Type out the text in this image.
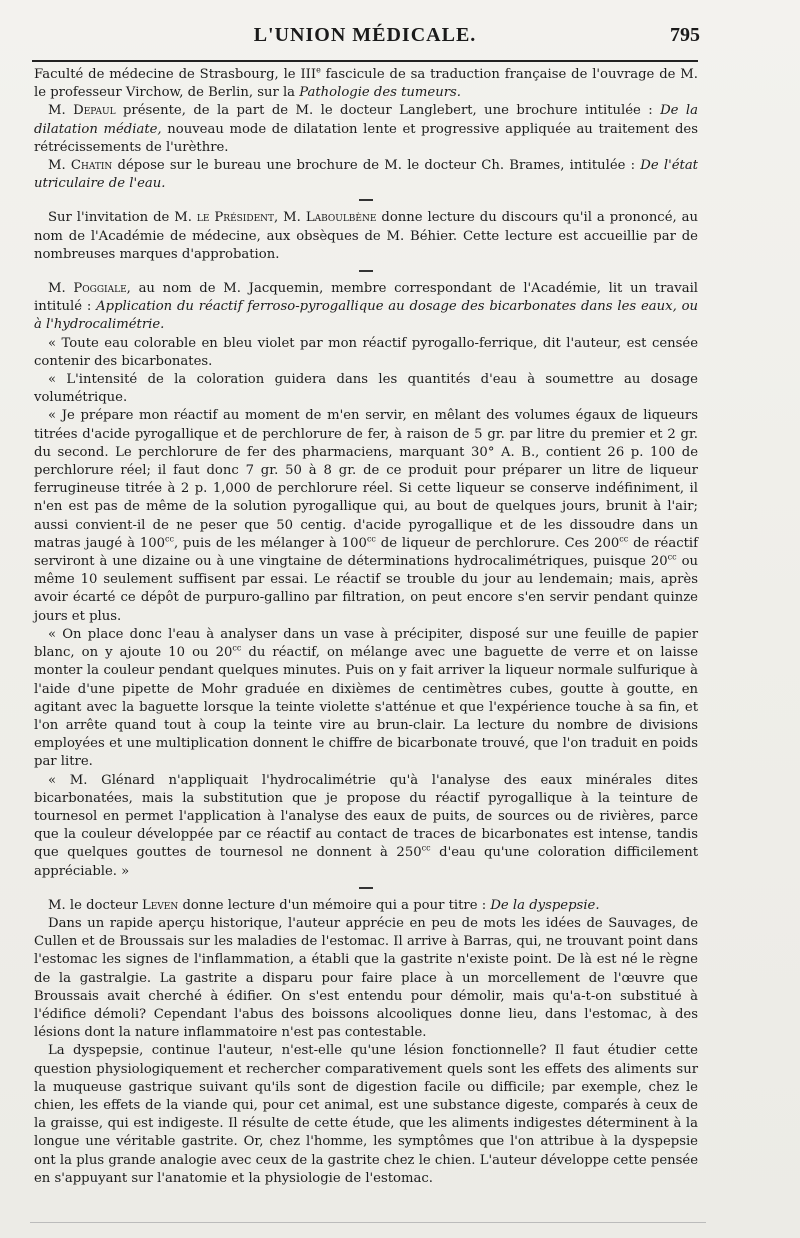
L'UNION MÉDICALE.	795

Faculté de médecine de Strasbourg, le IIIe fascicule de sa traduction française de l'ouvrage de M. le professeur Virchow, de Berlin, sur la Pathologie des tumeurs.

M. Depaul présente, de la part de M. le docteur Langlebert, une brochure intitulée : De la dilatation médiate, nouveau mode de dilatation lente et progressive appliquée au traitement des rétrécissements de l'urèthre.

M. Chatin dépose sur le bureau une brochure de M. le docteur Ch. Brames, intitulée : De l'état utriculaire de l'eau.

Sur l'invitation de M. le Président, M. Laboulbène donne lecture du discours qu'il a prononcé, au nom de l'Académie de médecine, aux obsèques de M. Béhier. Cette lecture est accueillie par de nombreuses marques d'approbation.

M. Poggiale, au nom de M. Jacquemin, membre correspondant de l'Académie, lit un travail intitulé : Application du réactif ferroso-pyrogallique au dosage des bicarbonates dans les eaux, ou à l'hydrocalimétrie.

« Toute eau colorable en bleu violet par mon réactif pyrogallo-ferrique, dit l'auteur, est censée contenir des bicarbonates.

« L'intensité de la coloration guidera dans les quantités d'eau à soumettre au dosage volumétrique.

« Je prépare mon réactif au moment de m'en servir, en mêlant des volumes égaux de liqueurs titrées d'acide pyrogallique et de perchlorure de fer, à raison de 5 gr. par litre du premier et 2 gr. du second. Le perchlorure de fer des pharmaciens, marquant 30° A. B., contient 26 p. 100 de perchlorure réel; il faut donc 7 gr. 50 à 8 gr. de ce produit pour préparer un litre de liqueur ferrugineuse titrée à 2 p. 1,000 de perchlorure réel. Si cette liqueur se conserve indéfiniment, il n'en est pas de même de la solution pyrogallique qui, au bout de quelques jours, brunit à l'air; aussi convient-il de ne peser que 50 centig. d'acide pyrogallique et de les dissoudre dans un matras jaugé à $100^{cc}$, puis de les mélanger à $100^{cc}$ de liqueur de perchlorure. Ces $200^{cc}$ de réactif serviront à une dizaine ou à une vingtaine de déterminations hydrocalimétriques, puisque $20^{cc}$ ou même 10 seulement suffisent par essai. Le réactif se trouble du jour au lendemain; mais, après avoir écarté ce dépôt de purpuro-gallino par filtration, on peut encore s'en servir pendant quinze jours et plus.

« On place donc l'eau à analyser dans un vase à précipiter, disposé sur une feuille de papier blanc, on y ajoute 10 ou $20^{cc}$ du réactif, on mélange avec une baguette de verre et on laisse monter la couleur pendant quelques minutes. Puis on y fait arriver la liqueur normale sulfurique à l'aide d'une pipette de Mohr graduée en dixièmes de centimètres cubes, goutte à goutte, en agitant avec la baguette lorsque la teinte violette s'atténue et que l'expérience touche à sa fin, et l'on arrête quand tout à coup la teinte vire au brun-clair. La lecture du nombre de divisions employées et une multiplication donnent le chiffre de bicarbonate trouvé, que l'on traduit en poids par litre.

« M. Glénard n'appliquait l'hydrocalimétrie qu'à l'analyse des eaux minérales dites bicarbonatées, mais la substitution que je propose du réactif pyrogallique à la teinture de tournesol en permet l'application à l'analyse des eaux de puits, de sources ou de rivières, parce que la couleur développée par ce réactif au contact de traces de bicarbonates est intense, tandis que quelques gouttes de tournesol ne donnent à $250^{cc}$ d'eau qu'une coloration difficilement appréciable. »

M. le docteur Leven donne lecture d'un mémoire qui a pour titre : De la dyspepsie.

Dans un rapide aperçu historique, l'auteur apprécie en peu de mots les idées de Sauvages, de Cullen et de Broussais sur les maladies de l'estomac. Il arrive à Barras, qui, ne trouvant point dans l'estomac les signes de l'inflammation, a établi que la gastrite n'existe point. De là est né le règne de la gastralgie. La gastrite a disparu pour faire place à un morcellement de l'œuvre que Broussais avait cherché à édifier. On s'est entendu pour démolir, mais qu'a-t-on substitué à l'édifice démoli? Cependant l'abus des boissons alcooliques donne lieu, dans l'estomac, à des lésions dont la nature inflammatoire n'est pas contestable.

La dyspepsie, continue l'auteur, n'est-elle qu'une lésion fonctionnelle? Il faut étudier cette question physiologiquement et rechercher comparativement quels sont les effets des aliments sur la muqueuse gastrique suivant qu'ils sont de digestion facile ou difficile; par exemple, chez le chien, les effets de la viande qui, pour cet animal, est une substance digeste, comparés à ceux de la graisse, qui est indigeste. Il résulte de cette étude, que les aliments indigestes déterminent à la longue une véritable gastrite. Or, chez l'homme, les symptômes que l'on attribue à la dyspepsie ont la plus grande analogie avec ceux de la gastrite chez le chien. L'auteur développe cette pensée en s'appuyant sur l'anatomie et la physiologie de l'estomac.
